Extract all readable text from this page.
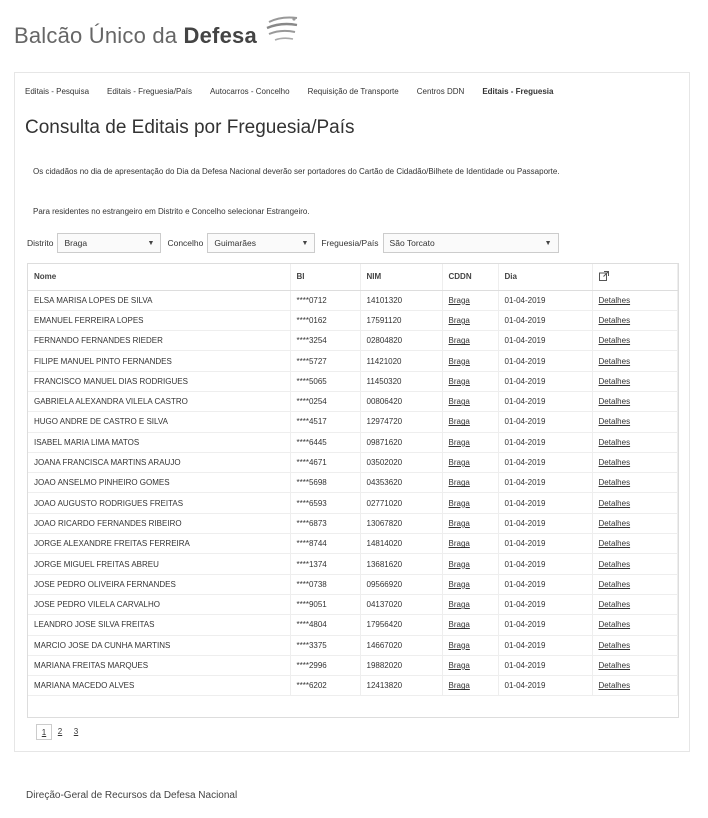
Balcão Único da Defesa
Editais - Pesquisa Editais - Freguesia/País Autocarros - Concelho Requisição de Transporte Centros DDN Editais - Freguesia
Consulta de Editais por Freguesia/País

Os cidadãos no dia de apresentação do Dia da Defesa Nacional deverão ser portadores do Cartão de Cidadão/Bilhete de Identidade ou Passaporte.

Para residentes no estrangeiro em Distrito e Concelho selecionar Estrangeiro.

Distrito Braga	▼ Concelho Guimarães	▼ Freguesia/País São Torcato	▼
Nome	BI	NIM	CDDN	Dia	
ELSA MARISA LOPES DE SILVA	****0712	14101320	Braga	01-04-2019	Detalhes
EMANUEL FERREIRA LOPES	****0162	17591120	Braga	01-04-2019	Detalhes
FERNANDO FERNANDES RIEDER	****3254	02804820	Braga	01-04-2019	Detalhes
FILIPE MANUEL PINTO FERNANDES	****5727	11421020	Braga	01-04-2019	Detalhes
FRANCISCO MANUEL DIAS RODRIGUES	****5065	11450320	Braga	01-04-2019	Detalhes
GABRIELA ALEXANDRA VILELA CASTRO	****0254	00806420	Braga	01-04-2019	Detalhes
HUGO ANDRE DE CASTRO E SILVA	****4517	12974720	Braga	01-04-2019	Detalhes
ISABEL MARIA LIMA MATOS	****6445	09871620	Braga	01-04-2019	Detalhes
JOANA FRANCISCA MARTINS ARAUJO	****4671	03502020	Braga	01-04-2019	Detalhes
JOAO ANSELMO PINHEIRO GOMES	****5698	04353620	Braga	01-04-2019	Detalhes
JOAO AUGUSTO RODRIGUES FREITAS	****6593	02771020	Braga	01-04-2019	Detalhes
JOAO RICARDO FERNANDES RIBEIRO	****6873	13067820	Braga	01-04-2019	Detalhes
JORGE ALEXANDRE FREITAS FERREIRA	****8744	14814020	Braga	01-04-2019	Detalhes
JORGE MIGUEL FREITAS ABREU	****1374	13681620	Braga	01-04-2019	Detalhes
JOSE PEDRO OLIVEIRA FERNANDES	****0738	09566920	Braga	01-04-2019	Detalhes
JOSE PEDRO VILELA CARVALHO	****9051	04137020	Braga	01-04-2019	Detalhes
LEANDRO JOSE SILVA FREITAS	****4804	17956420	Braga	01-04-2019	Detalhes
MARCIO JOSE DA CUNHA MARTINS	****3375	14667020	Braga	01-04-2019	Detalhes
MARIANA FREITAS MARQUES	****2996	19882020	Braga	01-04-2019	Detalhes
MARIANA MACEDO ALVES	****6202	12413820	Braga	01-04-2019	Detalhes
1	2	3
Direção-Geral de Recursos da Defesa Nacional
